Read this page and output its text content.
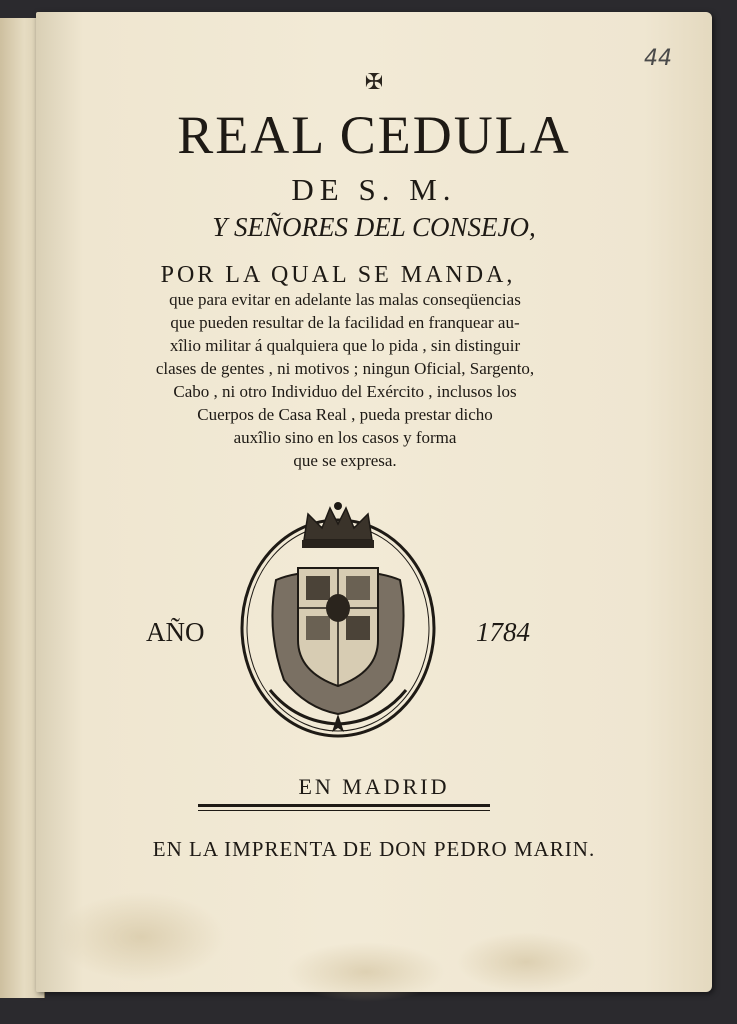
44
✠
REAL CEDULA
DE S. M.
Y SEÑORES DEL CONSEJO,
POR LA QUAL SE MANDA,
que para evitar en adelante las malas conseqüencias
que pueden resultar de la facilidad en franquear au-
xîlio militar á qualquiera que lo pida , sin distinguir
clases de gentes , ni motivos ; ningun Oficial, Sargento,
Cabo , ni otro Individuo del Exército , inclusos los
Cuerpos de Casa Real , pueda prestar dicho
auxîlio sino en los casos y forma
que se expresa.
AÑO	1784
EN MADRID
EN LA IMPRENTA DE DON PEDRO MARIN.
